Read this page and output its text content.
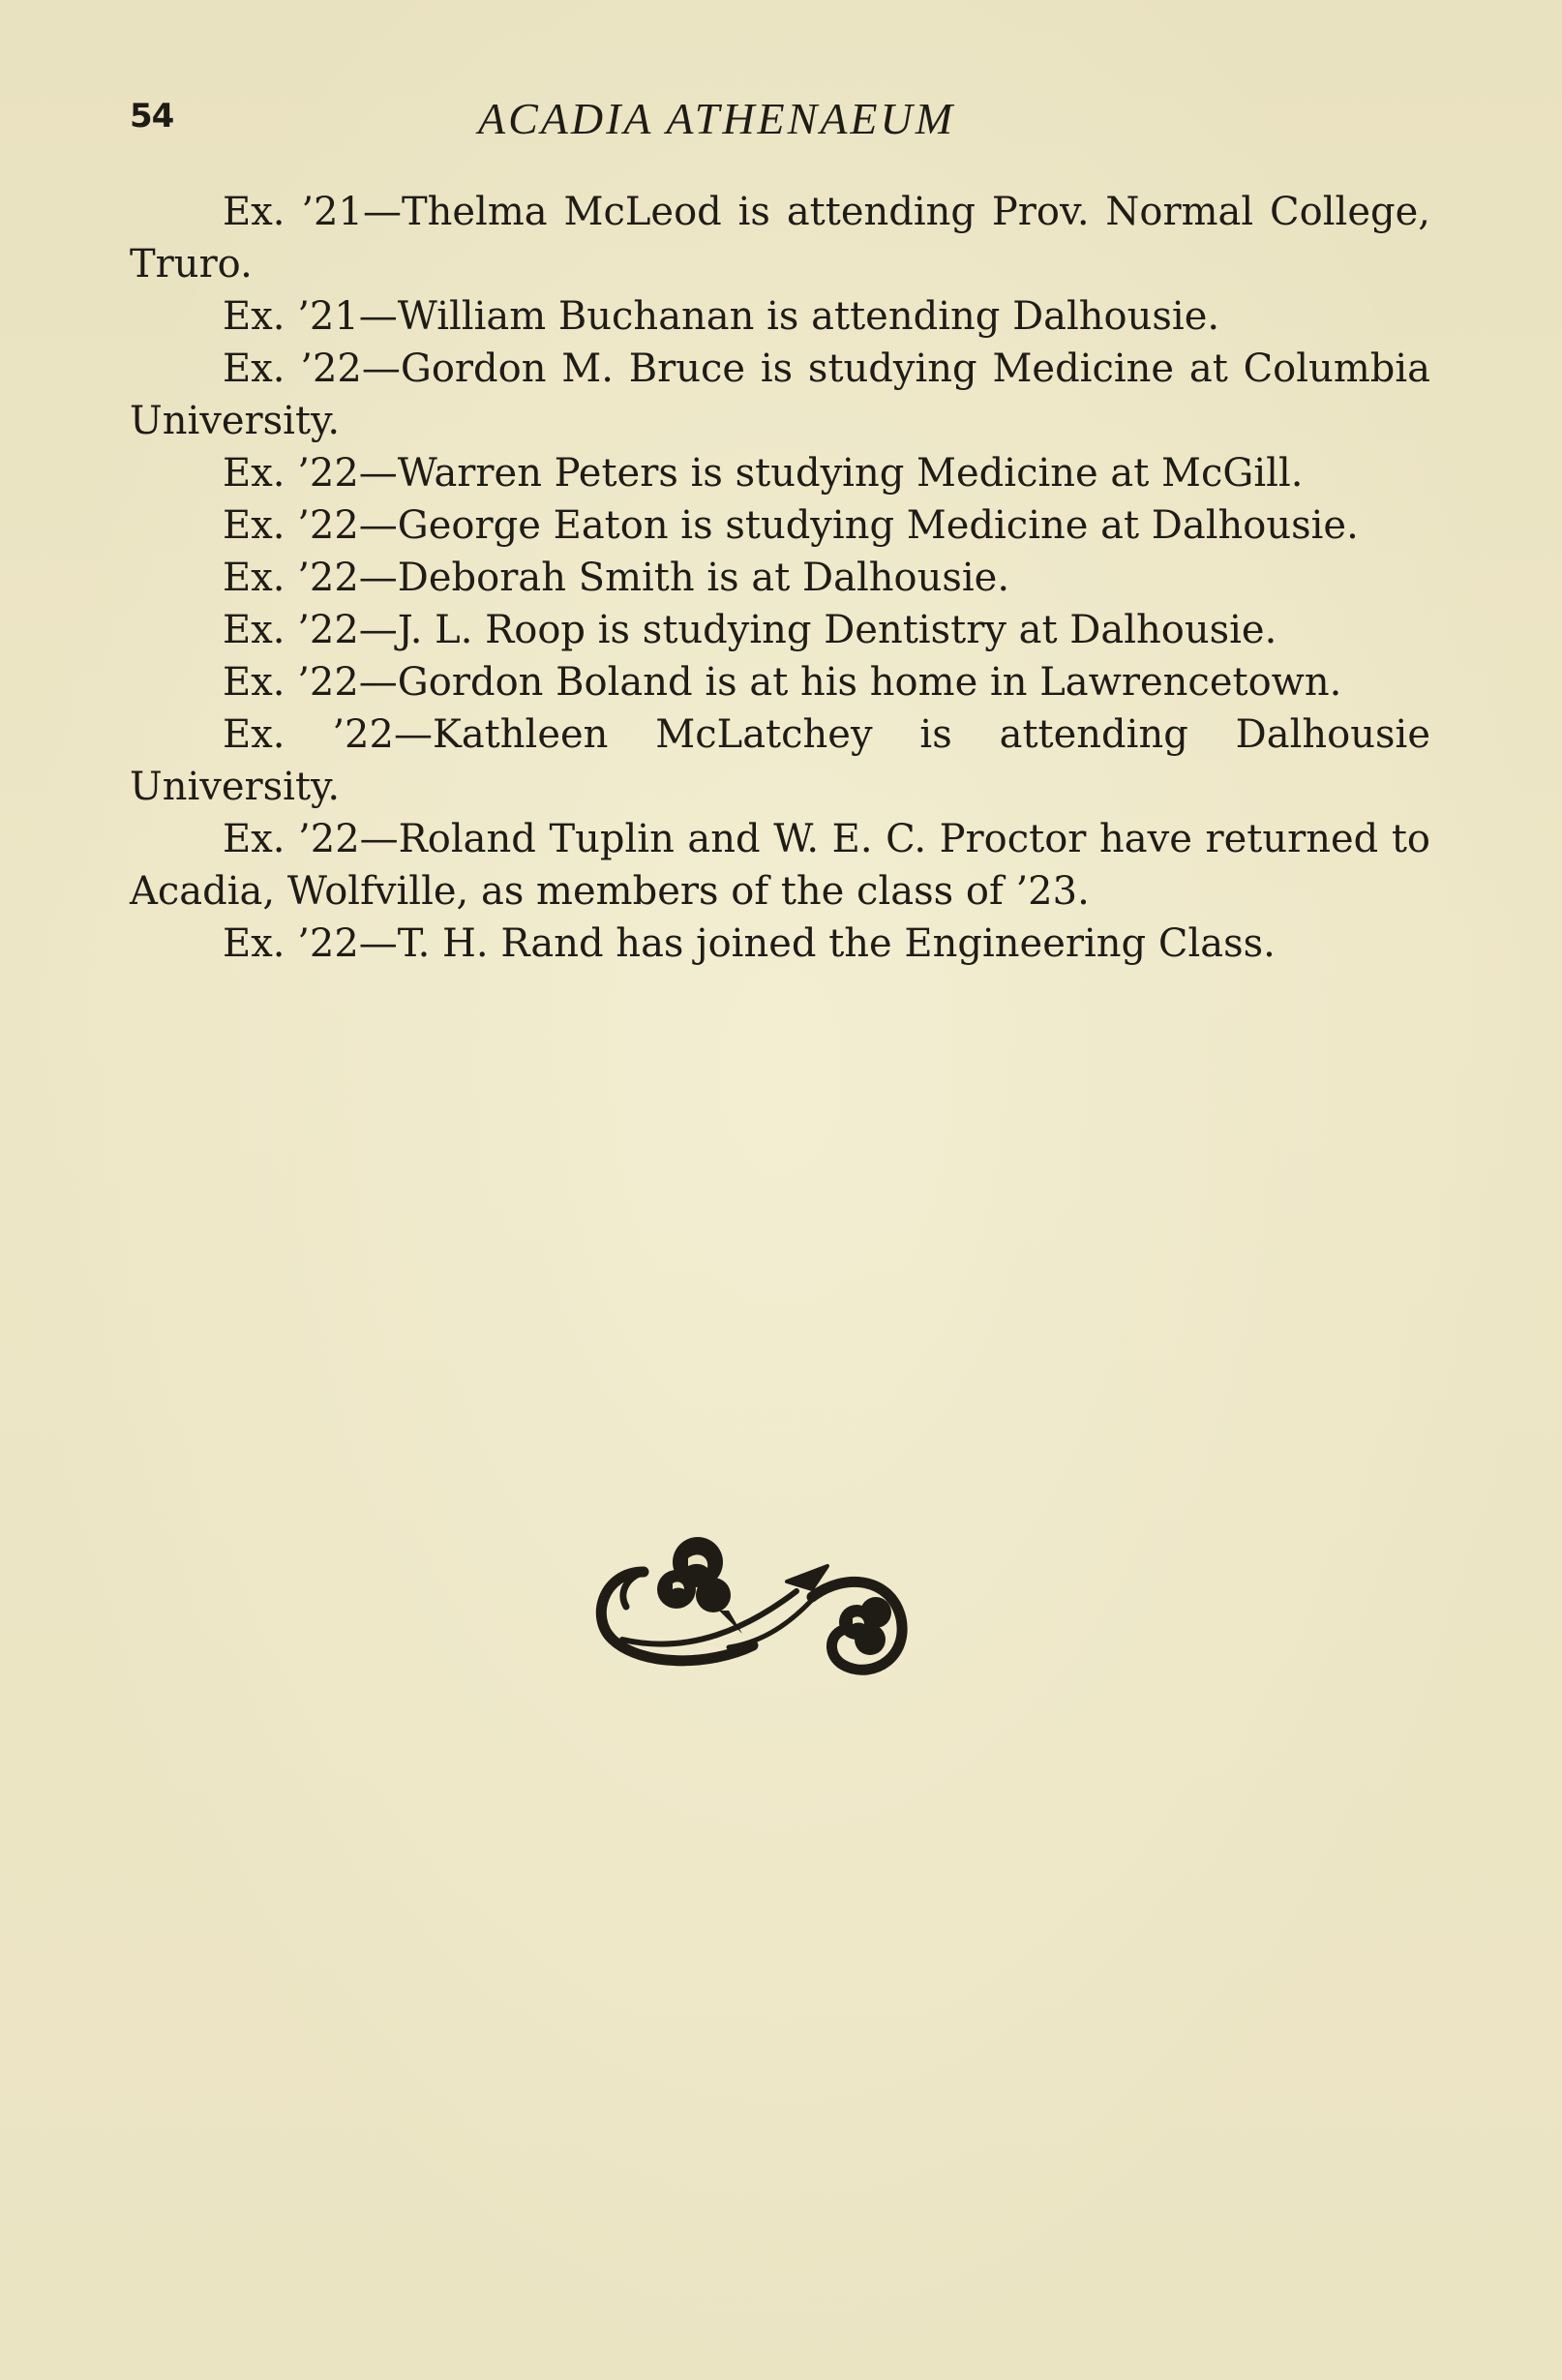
54	ACADIA ATHENAEUM
Ex. ’21—Thelma McLeod is attending Prov. Normal College, Truro.
Ex. ’21—William Buchanan is attending Dalhousie.
Ex. ’22—Gordon M. Bruce is studying Medicine at Columbia University.
Ex. ’22—Warren Peters is studying Medicine at McGill.
Ex. ’22—George Eaton is studying Medicine at Dalhousie.
Ex. ’22—Deborah Smith is at Dalhousie.
Ex. ’22—J. L. Roop is studying Dentistry at Dalhousie.
Ex. ’22—Gordon Boland is at his home in Lawrencetown.
Ex. ’22—Kathleen McLatchey is attending Dalhousie University.
Ex. ’22—Roland Tuplin and W. E. C. Proctor have returned to Acadia, Wolfville, as members of the class of ’23.
Ex. ’22—T. H. Rand has joined the Engineering Class.
